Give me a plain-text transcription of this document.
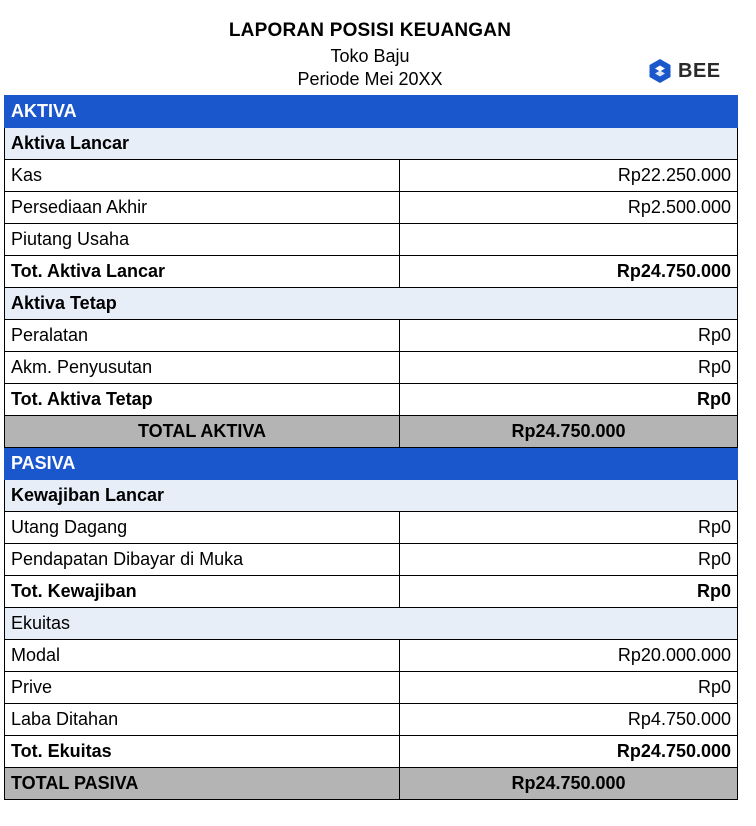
LAPORAN POSISI KEUANGAN
Toko Baju
Periode Mei 20XX	BEE
AKTIVA	
Aktiva Lancar	
Kas	Rp22.250.000
Persediaan Akhir	Rp2.500.000
Piutang Usaha	
Tot. Aktiva Lancar	Rp24.750.000
Aktiva Tetap	
Peralatan	Rp0
Akm. Penyusutan	Rp0
Tot. Aktiva Tetap	Rp0
TOTAL AKTIVA	Rp24.750.000
PASIVA	
Kewajiban Lancar	
Utang Dagang	Rp0
Pendapatan Dibayar di Muka	Rp0
Tot. Kewajiban	Rp0
Ekuitas	
Modal	Rp20.000.000
Prive	Rp0
Laba Ditahan	Rp4.750.000
Tot. Ekuitas	Rp24.750.000
TOTAL PASIVA	Rp24.750.000
